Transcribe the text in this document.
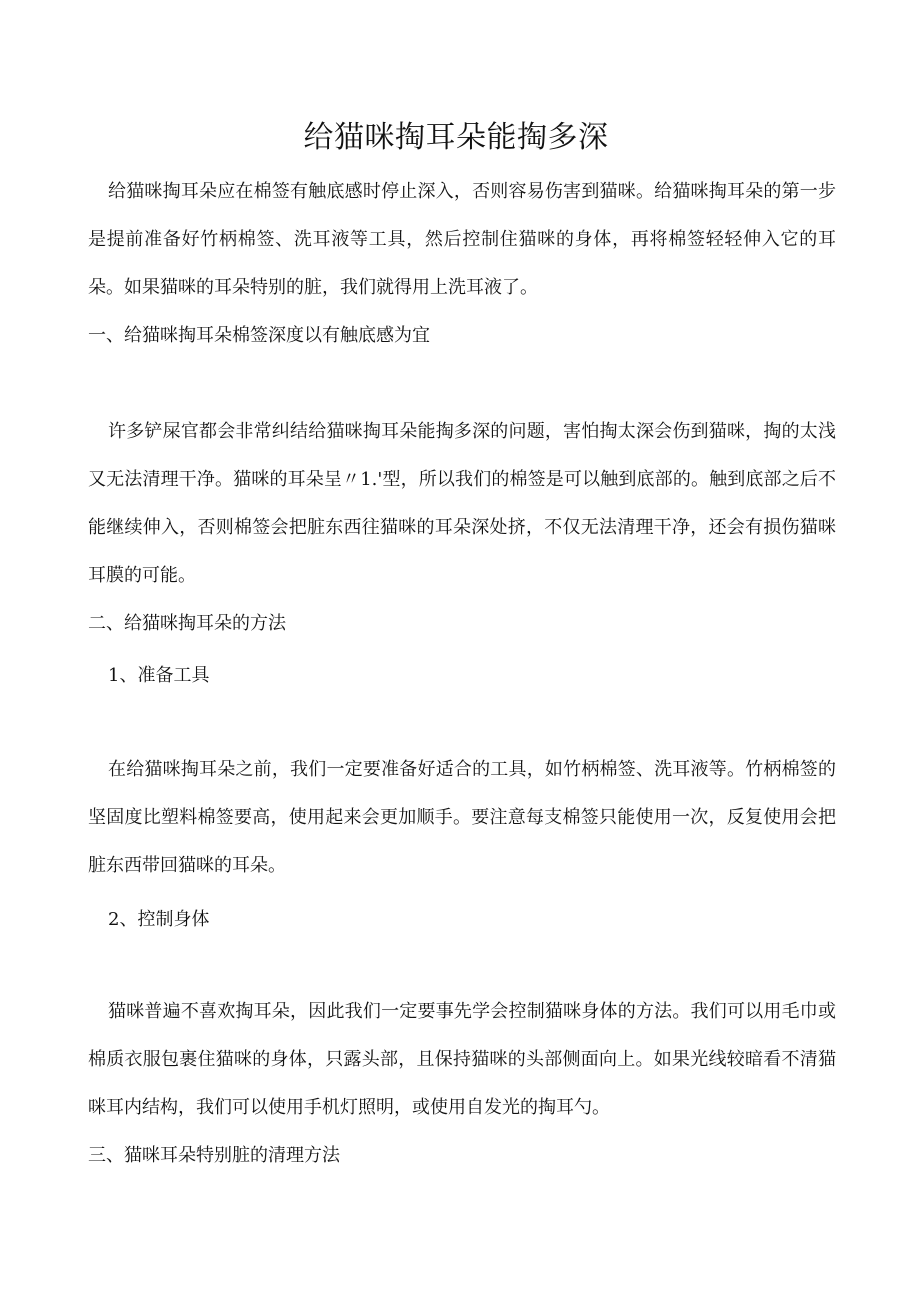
给猫咪掏耳朵能掏多深

给猫咪掏耳朵应在棉签有触底感时停止深入，否则容易伤害到猫咪。给猫咪掏耳朵的第一步是提前准备好竹柄棉签、洗耳液等工具，然后控制住猫咪的身体，再将棉签轻轻伸入它的耳朵。如果猫咪的耳朵特别的脏，我们就得用上洗耳液了。

一、给猫咪掏耳朵棉签深度以有触底感为宜

许多铲屎官都会非常纠结给猫咪掏耳朵能掏多深的问题，害怕掏太深会伤到猫咪，掏的太浅又无法清理干净。猫咪的耳朵呈〃1.'型，所以我们的棉签是可以触到底部的。触到底部之后不能继续伸入，否则棉签会把脏东西往猫咪的耳朵深处挤，不仅无法清理干净，还会有损伤猫咪耳膜的可能。

二、给猫咪掏耳朵的方法

1、准备工具

在给猫咪掏耳朵之前，我们一定要准备好适合的工具，如竹柄棉签、洗耳液等。竹柄棉签的坚固度比塑料棉签要高，使用起来会更加顺手。要注意每支棉签只能使用一次，反复使用会把脏东西带回猫咪的耳朵。

2、控制身体

猫咪普遍不喜欢掏耳朵，因此我们一定要事先学会控制猫咪身体的方法。我们可以用毛巾或棉质衣服包裹住猫咪的身体，只露头部，且保持猫咪的头部侧面向上。如果光线较暗看不清猫咪耳内结构，我们可以使用手机灯照明，或使用自发光的掏耳勺。

三、猫咪耳朵特别脏的清理方法
